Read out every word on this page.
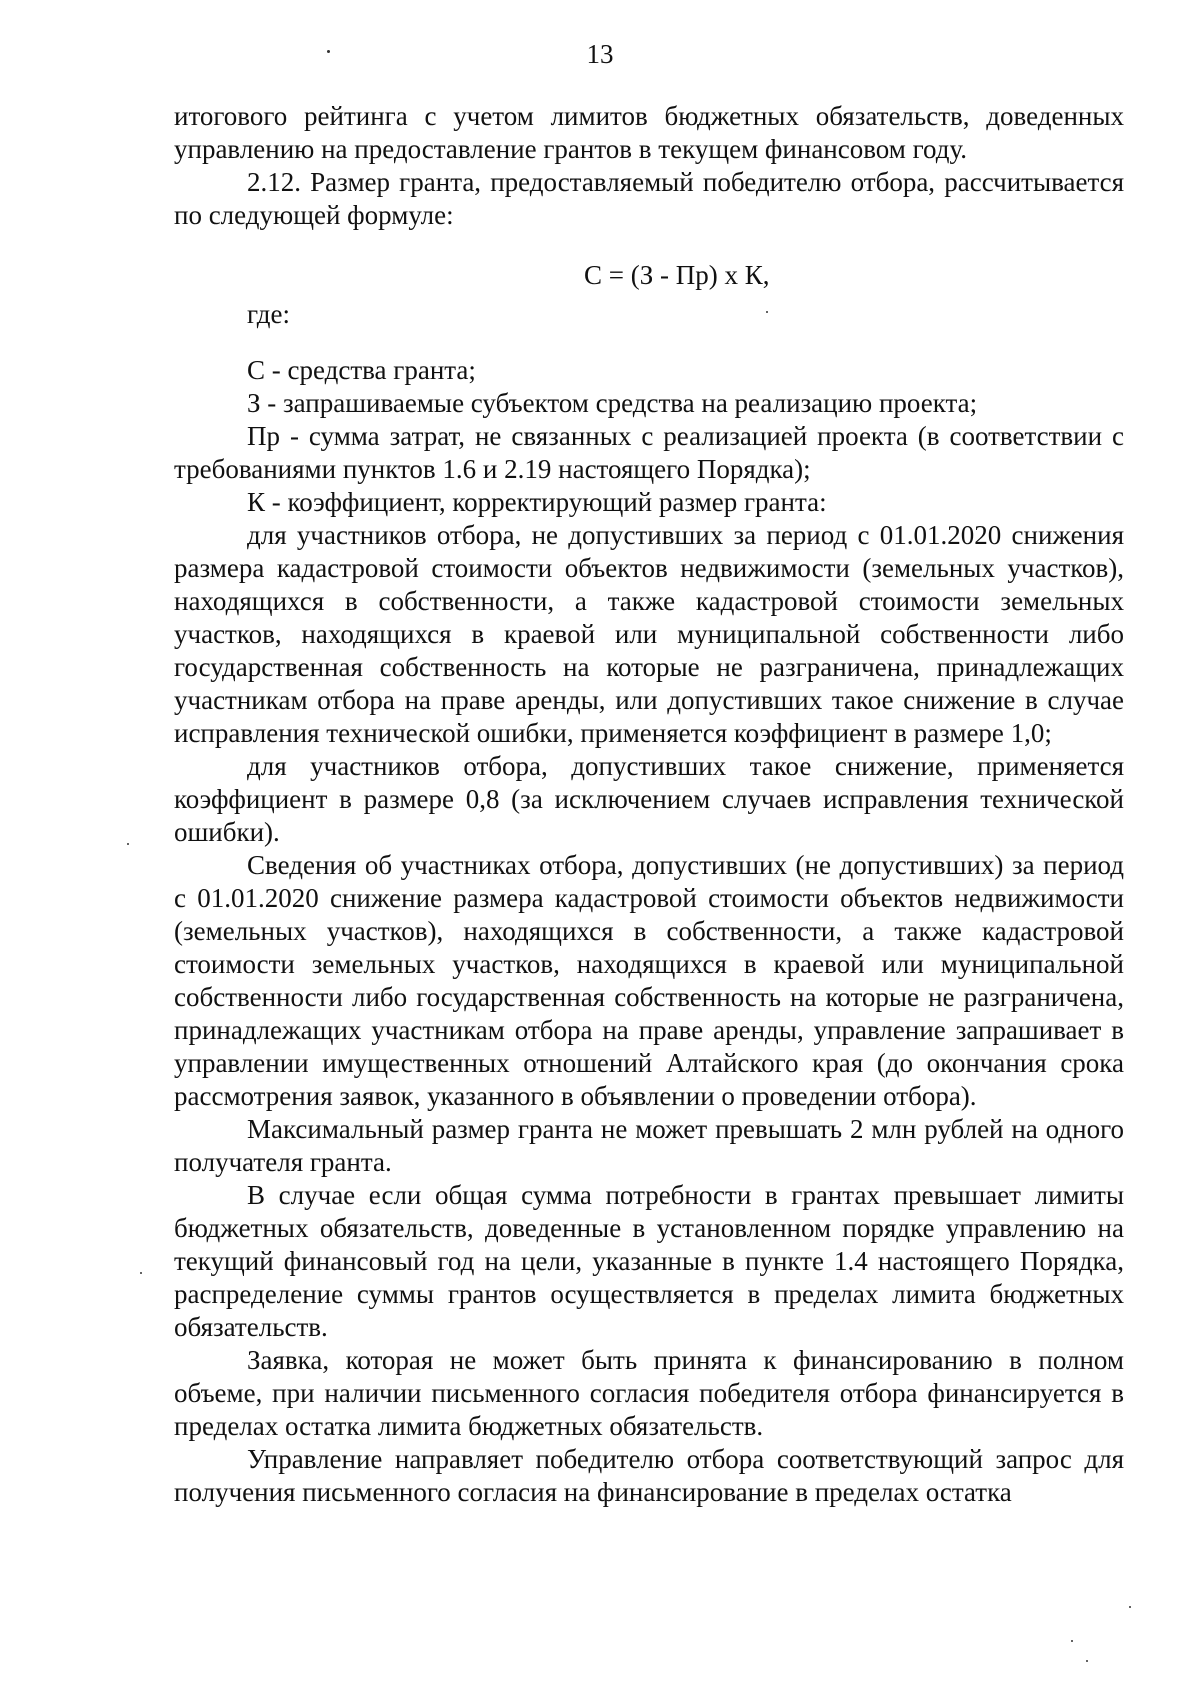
13

итогового рейтинга с учетом лимитов бюджетных обязательств, доведенных управлению на предоставление грантов в текущем финансовом году.

2.12. Размер гранта, предоставляемый победителю отбора, рассчитывается по следующей формуле:

С = (З - Пр) х К,

где:

С - средства гранта;

З - запрашиваемые субъектом средства на реализацию проекта;

Пр - сумма затрат, не связанных с реализацией проекта (в соответствии с требованиями пунктов 1.6 и 2.19 настоящего Порядка);

К - коэффициент, корректирующий размер гранта:

для участников отбора, не допустивших за период с 01.01.2020 снижения размера кадастровой стоимости объектов недвижимости (земельных участков), находящихся в собственности, а также кадастровой стоимости земельных участков, находящихся в краевой или муниципальной собственности либо государственная собственность на которые не разграничена, принадлежащих участникам отбора на праве аренды, или допустивших такое снижение в случае исправления технической ошибки, применяется коэффициент в размере 1,0;

для участников отбора, допустивших такое снижение, применяется коэффициент в размере 0,8 (за исключением случаев исправления технической ошибки).

Сведения об участниках отбора, допустивших (не допустивших) за период с 01.01.2020 снижение размера кадастровой стоимости объектов недвижимости (земельных участков), находящихся в собственности, а также кадастровой стоимости земельных участков, находящихся в краевой или муниципальной собственности либо государственная собственность на которые не разграничена, принадлежащих участникам отбора на праве аренды, управление запрашивает в управлении имущественных отношений Алтайского края (до окончания срока рассмотрения заявок, указанного в объявлении о проведении отбора).

Максимальный размер гранта не может превышать 2 млн рублей на одного получателя гранта.

В случае если общая сумма потребности в грантах превышает лимиты бюджетных обязательств, доведенные в установленном порядке управлению на текущий финансовый год на цели, указанные в пункте 1.4 настоящего Порядка, распределение суммы грантов осуществляется в пределах лимита бюджетных обязательств.

Заявка, которая не может быть принята к финансированию в полном объеме, при наличии письменного согласия победителя отбора финансируется в пределах остатка лимита бюджетных обязательств.

Управление направляет победителю отбора соответствующий запрос для получения письменного согласия на финансирование в пределах остатка
